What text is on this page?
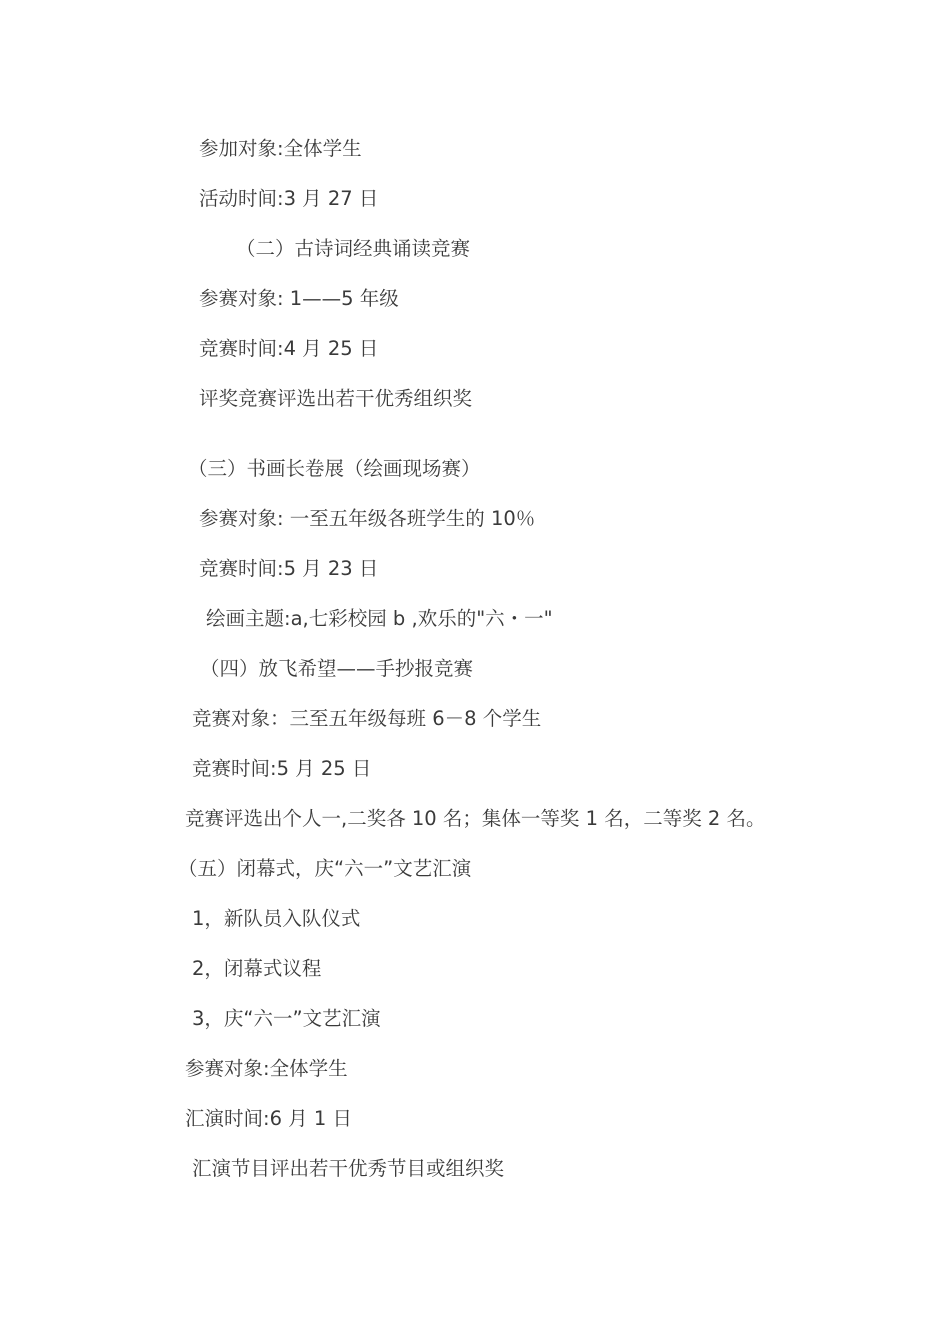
参加对象:全体学生
活动时间:3 月 27 日
（二）古诗词经典诵读竞赛
参赛对象: 1——5 年级
竞赛时间:4 月 25 日
评奖竞赛评选出若干优秀组织奖
（三）书画长卷展（绘画现场赛）
参赛对象: 一至五年级各班学生的 10％
竞赛时间:5 月 23 日
绘画主题:a,七彩校园 b ,欢乐的"六・一"
（四）放飞希望——手抄报竞赛
竞赛对象：三至五年级每班 6－8 个学生
竞赛时间:5 月 25 日
竞赛评选出个人一,二奖各 10 名；集体一等奖 1 名，二等奖 2 名。
（五）闭幕式，庆“六一”文艺汇演
1，新队员入队仪式
2，闭幕式议程
3，庆“六一”文艺汇演
参赛对象:全体学生
汇演时间:6 月 1 日
汇演节目评出若干优秀节目或组织奖
